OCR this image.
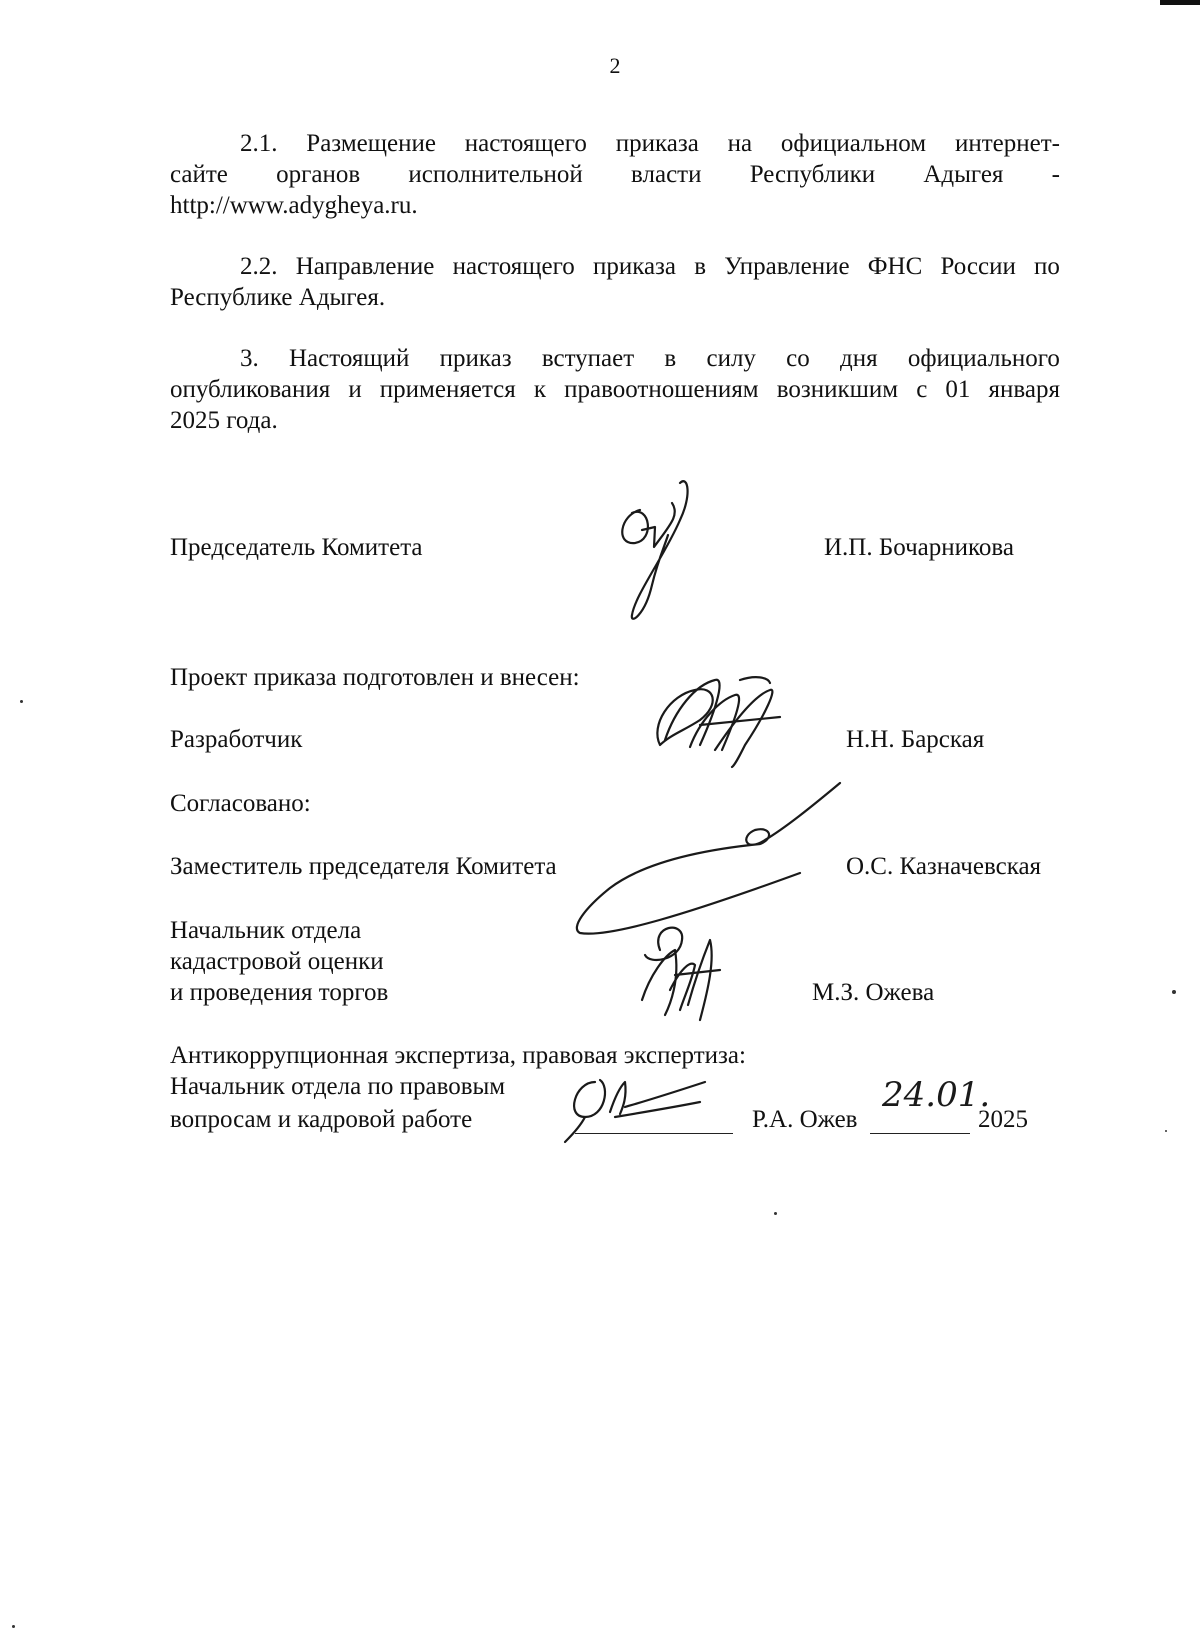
2
2.1. Размещение настоящего приказа на официальном интернет-
сайте органов исполнительной власти Республики Адыгея -
http://www.adygheya.ru.
2.2. Направление настоящего приказа в Управление ФНС России по
Республике Адыгея.
3. Настоящий приказ вступает в силу со дня официального
опубликования и применяется к правоотношениям возникшим с 01 января
2025 года.
Председатель Комитета	И.П. Бочарникова
Проект приказа подготовлен и внесен:
Разработчик	Н.Н. Барская
Согласовано:
Заместитель председателя Комитета	О.С. Казначевская
Начальник отдела
кадастровой оценки
и проведения торгов	М.З. Ожева
Антикоррупционная экспертиза, правовая экспертиза:
Начальник отдела по правовым
вопросам и кадровой работе	Р.А. Ожев
24.01.
2025
